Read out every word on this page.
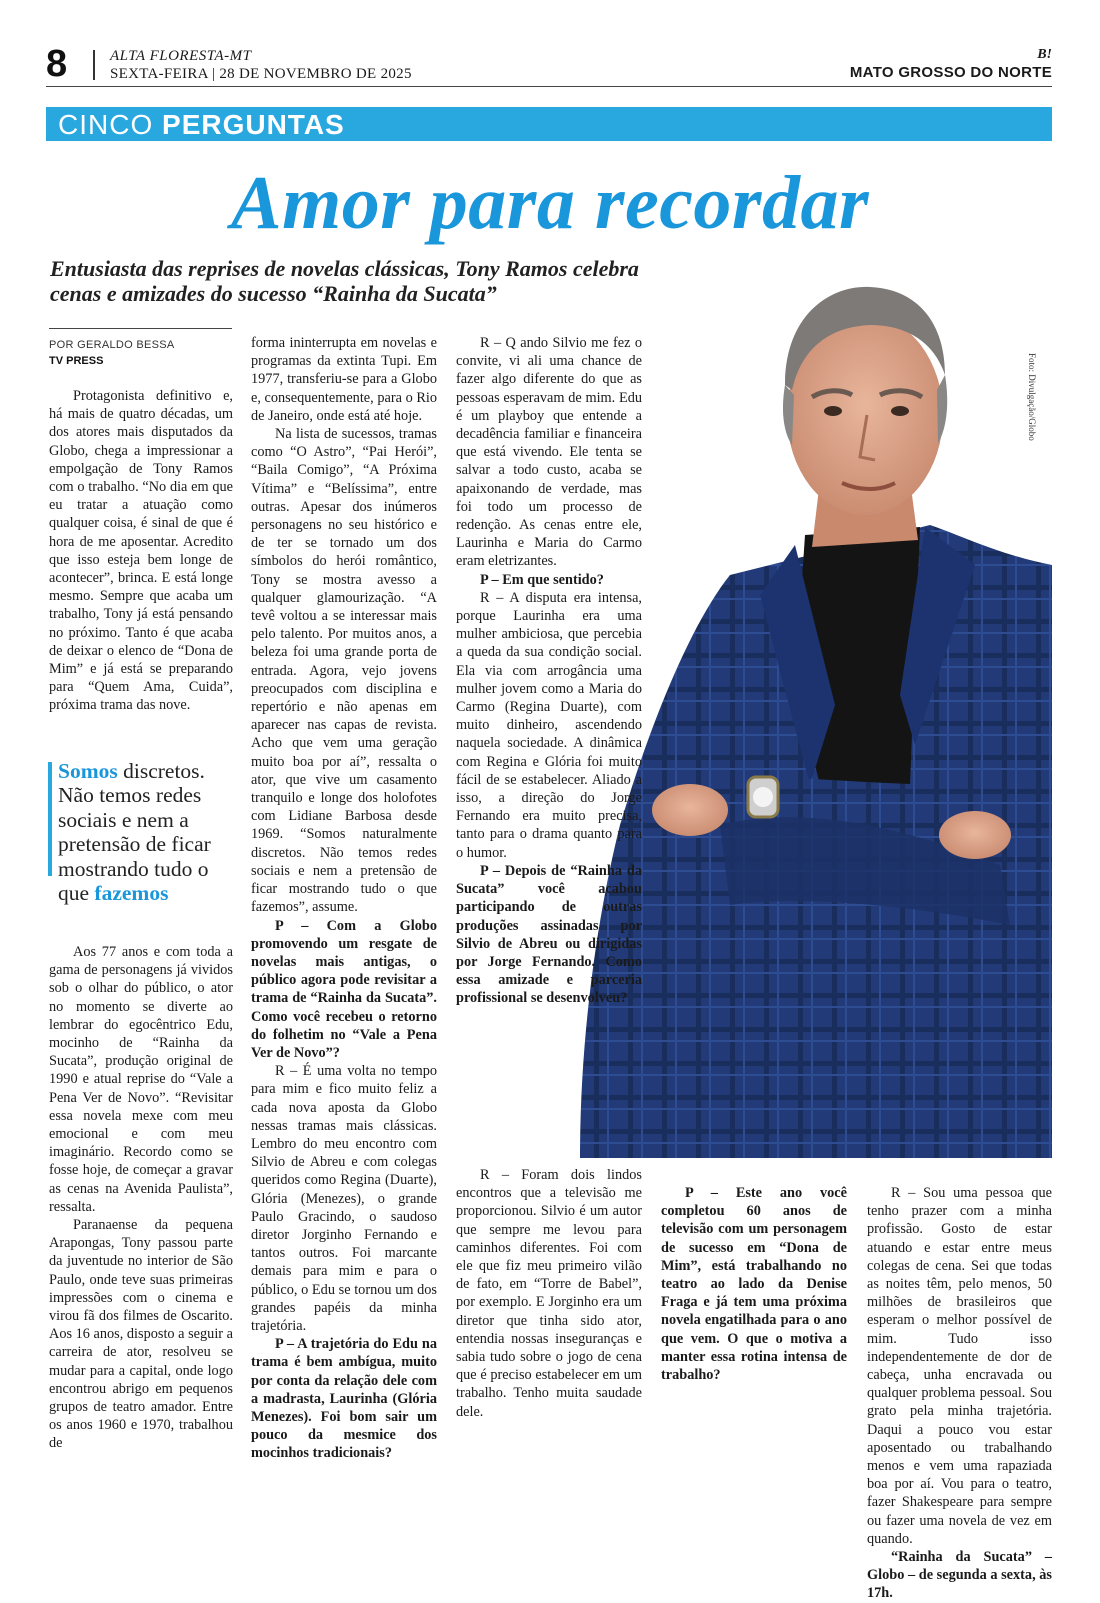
8	ALTA FLORESTA-MT
SEXTA-FEIRA | 28 DE NOVEMBRO DE 2025
B!
MATO GROSSO DO NORTE
CINCO PERGUNTAS
Amor para recordar
Entusiasta das reprises de novelas clássicas, Tony Ramos celebra cenas e amizades do sucesso “Rainha da Sucata”
Foto: Divulgação/Globo
POR GERALDO BESSA
TV PRESS

Protagonista definitivo e, há mais de quatro décadas, um dos atores mais disputados da Globo, chega a impressionar a empolgação de Tony Ramos com o trabalho. “No dia em que eu tratar a atuação como qualquer coisa, é sinal de que é hora de me aposentar. Acredito que isso esteja bem longe de acontecer”, brinca. E está longe mesmo. Sempre que acaba um trabalho, Tony já está pensando no próximo. Tanto é que acaba de deixar o elenco de “Dona de Mim” e já está se preparando para “Quem Ama, Cuida”, próxima trama das nove.

Somos discretos. Não temos redes sociais e nem a pretensão de ficar mostrando tudo o que fazemos

Aos 77 anos e com toda a gama de personagens já vividos sob o olhar do público, o ator no momento se diverte ao lembrar do egocêntrico Edu, mocinho de “Rainha da Sucata”, produção original de 1990 e atual reprise do “Vale a Pena Ver de Novo”. “Revisitar essa novela mexe com meu emocional e com meu imaginário. Recordo como se fosse hoje, de começar a gravar as cenas na Avenida Paulista”, ressalta.

Paranaense da pequena Arapongas, Tony passou parte da juventude no interior de São Paulo, onde teve suas primeiras impressões com o cinema e virou fã dos filmes de Oscarito. Aos 16 anos, disposto a seguir a carreira de ator, resolveu se mudar para a capital, onde logo encontrou abrigo em pequenos grupos de teatro amador. Entre os anos 1960 e 1970, trabalhou de

forma ininterrupta em novelas e programas da extinta Tupi. Em 1977, transferiu-se para a Globo e, consequentemente, para o Rio de Janeiro, onde está até hoje.

Na lista de sucessos, tramas como “O Astro”, “Pai Herói”, “Baila Comigo”, “A Próxima Vítima” e “Belíssima”, entre outras. Apesar dos inúmeros personagens no seu histórico e de ter se tornado um dos símbolos do herói romântico, Tony se mostra avesso a qualquer glamourização. “A tevê voltou a se interessar mais pelo talento. Por muitos anos, a beleza foi uma grande porta de entrada. Agora, vejo jovens preocupados com disciplina e repertório e não apenas em aparecer nas capas de revista. Acho que vem uma geração muito boa por aí”, ressalta o ator, que vive um casamento tranquilo e longe dos holofotes com Lidiane Barbosa desde 1969. “Somos naturalmente discretos. Não temos redes sociais e nem a pretensão de ficar mostrando tudo o que fazemos”, assume.

P – Com a Globo promovendo um resgate de novelas mais antigas, o público agora pode revisitar a trama de “Rainha da Sucata”. Como você recebeu o retorno do folhetim no “Vale a Pena Ver de Novo”?

R – É uma volta no tempo para mim e fico muito feliz a cada nova aposta da Globo nessas tramas mais clássicas. Lembro do meu encontro com Silvio de Abreu e com colegas queridos como Regina (Duarte), Glória (Menezes), o grande Paulo Gracindo, o saudoso diretor Jorginho Fernando e tantos outros. Foi marcante demais para mim e para o público, o Edu se tornou um dos grandes papéis da minha trajetória.

P – A trajetória do Edu na trama é bem ambígua, muito por conta da relação dele com a madrasta, Laurinha (Glória Menezes). Foi bom sair um pouco da mesmice dos mocinhos tradicionais?

R – Q ando Silvio me fez o convite, vi ali uma chance de fazer algo diferente do que as pessoas esperavam de mim. Edu é um playboy que entende a decadência familiar e financeira que está vivendo. Ele tenta se salvar a todo custo, acaba se apaixonando de verdade, mas foi todo um processo de redenção. As cenas entre ele, Laurinha e Maria do Carmo eram eletrizantes.

P – Em que sentido?

R – A disputa era intensa, porque Laurinha era uma mulher ambiciosa, que percebia a queda da sua condição social. Ela via com arrogância uma mulher jovem como a Maria do Carmo (Regina Duarte), com muito dinheiro, ascendendo naquela sociedade. A dinâmica com Regina e Glória foi muito fácil de se estabelecer. Aliado a isso, a direção do Jorge Fernando era muito precisa, tanto para o drama quanto para o humor.

P – Depois de “Rainha da Sucata” você acabou participando de outras produções assinadas por Silvio de Abreu ou dirigidas por Jorge Fernando. Como essa amizade e parceria profissional se desenvolveu?

R – Foram dois lindos encontros que a televisão me proporcionou. Silvio é um autor que sempre me levou para caminhos diferentes. Foi com ele que fiz meu primeiro vilão de fato, em “Torre de Babel”, por exemplo. E Jorginho era um diretor que tinha sido ator, entendia nossas inseguranças e sabia tudo sobre o jogo de cena que é preciso estabelecer em um trabalho. Tenho muita saudade dele.

P – Este ano você completou 60 anos de televisão com um personagem de sucesso em “Dona de Mim”, está trabalhando no teatro ao lado da Denise Fraga e já tem uma próxima novela engatilhada para o ano que vem. O que o motiva a manter essa rotina intensa de trabalho?

R – Sou uma pessoa que tenho prazer com a minha profissão. Gosto de estar atuando e estar entre meus colegas de cena. Sei que todas as noites têm, pelo menos, 50 milhões de brasileiros que esperam o melhor possível de mim. Tudo isso independentemente de dor de cabeça, unha encravada ou qualquer problema pessoal. Sou grato pela minha trajetória. Daqui a pouco vou estar aposentado ou trabalhando menos e vem uma rapaziada boa por aí. Vou para o teatro, fazer Shakespeare para sempre ou fazer uma novela de vez em quando.

“Rainha da Sucata” – Globo – de segunda a sexta, às 17h.
